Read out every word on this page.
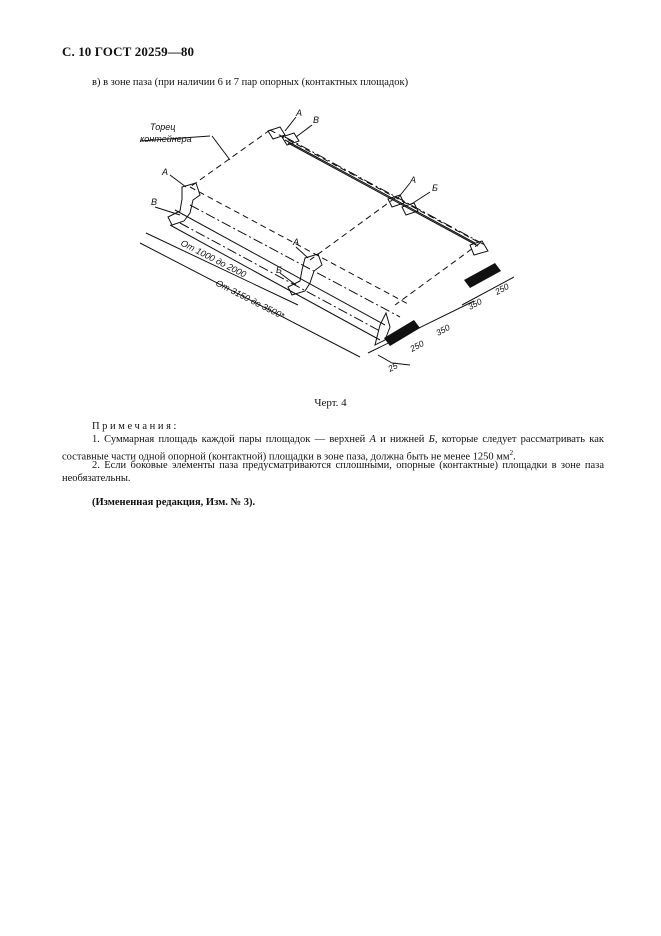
С. 10 ГОСТ 20259—80
в) в зоне паза (при наличии 6 и 7 пар опорных (контактных площадок)
Торец
контейнера
А
В
А
В
А
Б
А
Б
От 1000 до 2000
От 3150 до 3500*
250
350
350
250
25
Черт. 4
Примечания:
1. Суммарная площадь каждой пары площадок — верхней А и нижней Б, которые следует рассматривать как составные части одной опорной (контактной) площадки в зоне паза, должна быть не менее 1250 $мм^2$.
2. Если боковые элементы паза предусматриваются сплошными, опорные (контактные) площадки в зоне паза необязательны.
(Измененная редакция, Изм. № 3).
